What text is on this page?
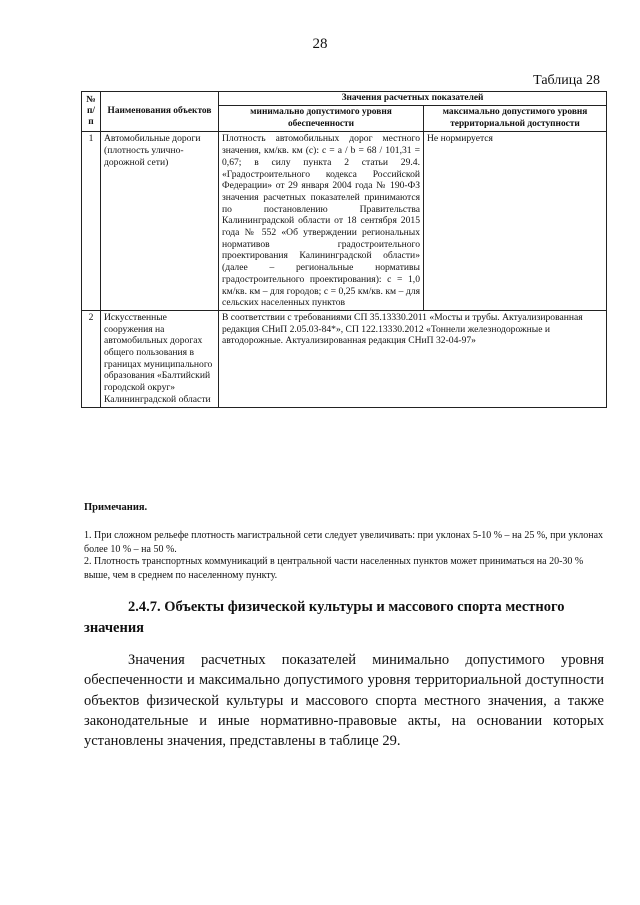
28
Таблица 28
№ п/п	Наименования объектов	Значения расчетных показателей	
		минимально допустимого уровня обеспеченности	максимально допустимого уровня территориальной доступности
1	Автомобильные дороги (плотность улично-дорожной сети)	Плотность автомобильных дорог местного значения, км/кв. км (с): с = а / b = 68 / 101,31 = 0,67; в силу пункта 2 статьи 29.4. «Градостроительного кодекса Российской Федерации» от 29 января 2004 года № 190-ФЗ значения расчетных показателей принимаются по постановлению Правительства Калининградской области от 18 сентября 2015 года № 552 «Об утверждении региональных нормативов градостроительного проектирования Калининградской области» (далее – региональные нормативы градостроительного проектирования): с = 1,0 км/кв. км – для городов; с = 0,25 км/кв. км – для сельских населенных пунктов	Не нормируется
2	Искусственные сооружения на автомобильных дорогах общего пользования в границах муниципального образования «Балтийский городской округ» Калининградской области	В соответствии с требованиями СП 35.13330.2011 «Мосты и трубы. Актуализированная редакция СНиП 2.05.03-84*», СП 122.13330.2012 «Тоннели железнодорожные и автодорожные. Актуализированная редакция СНиП 32-04-97»	
Примечания.
1. При сложном рельефе плотность магистральной сети следует увеличивать: при уклонах 5-10 % – на 25 %, при уклонах более 10 % – на 50 %.
2. Плотность транспортных коммуникаций в центральной части населенных пунктов может приниматься на 20-30 % выше, чем в среднем по населенному пункту.
2.4.7. Объекты физической культуры и массового спорта местного значения
Значения расчетных показателей минимально допустимого уровня обеспеченности и максимально допустимого уровня территориальной доступности объектов физической культуры и массового спорта местного значения, а также законодательные и иные нормативно-правовые акты, на основании которых установлены значения, представлены в таблице 29.
